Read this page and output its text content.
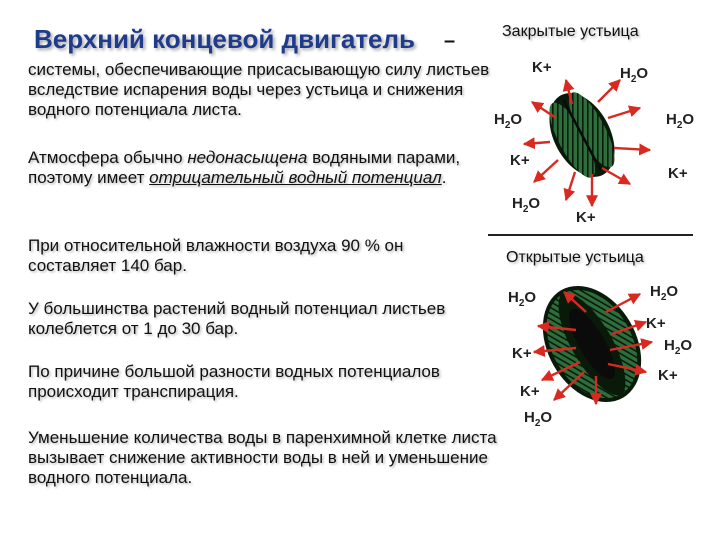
Верхний концевой двигатель –

системы, обеспечивающие присасывающую силу листьев вследствие испарения воды через устьица и снижения водного потенциала листа.

Атмосфера обычно недонасыщена водяными парами, поэтому имеет отрицательный водный потенциал.

При относительной влажности воздуха 90 % он составляет 140 бар.

У большинства растений водный потенциал листьев колеблется от 1 до 30 бар.

По причине большой разности водных потенциалов происходит транспирация.

Уменьшение количества воды в паренхимной клетке листа вызывает снижение активности воды в ней и уменьшение водного потенциала.

Закрытые устьица
Открытые устьица
K+	$H_2O$
$H_2O$	$H_2O$
K+
K+
$H_2O$
K+
$H_2O$	$H_2O$
K+
$H_2O$
K+
K+
K+
$H_2O$
